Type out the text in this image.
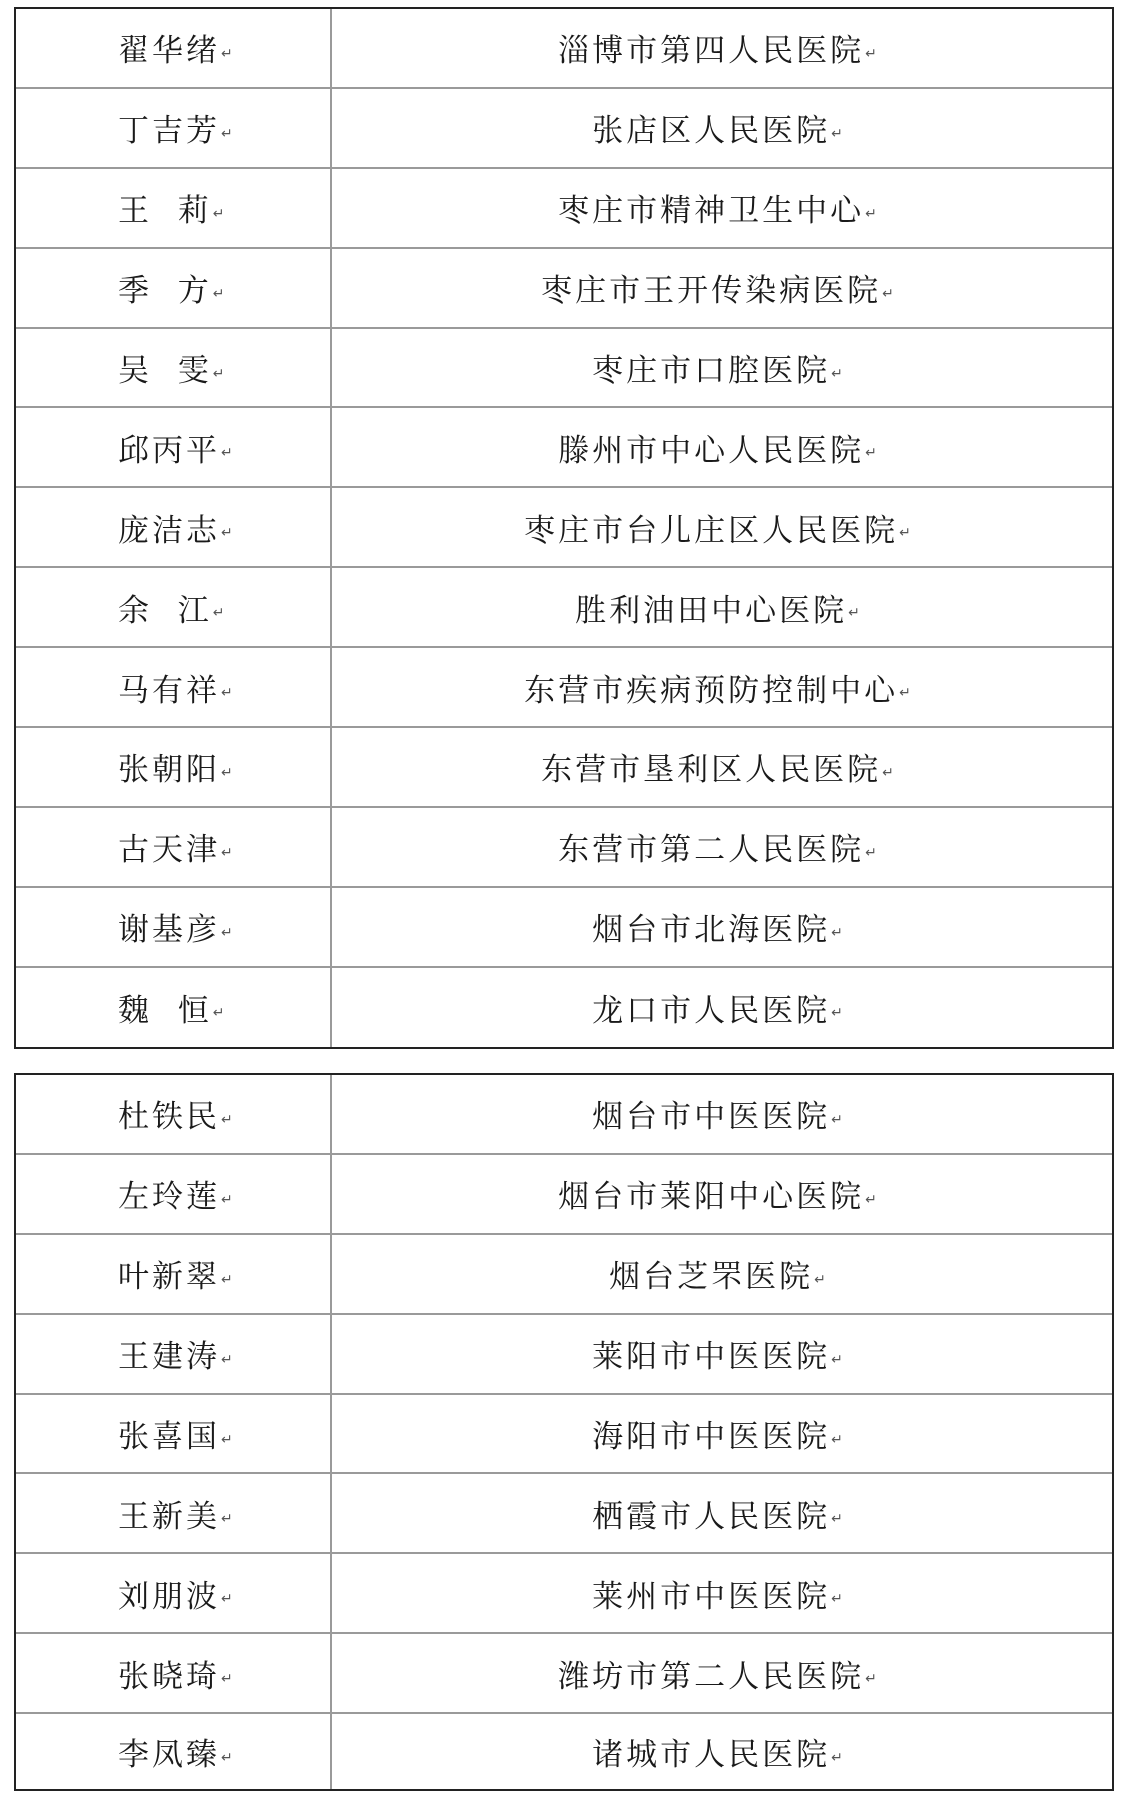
翟华绪 ↵	淄博市第四人民医院 ↵
丁吉芳 ↵	张店区人民医院 ↵
王  莉 ↵	枣庄市精神卫生中心 ↵
季  方 ↵	枣庄市王开传染病医院 ↵
吴  雯 ↵	枣庄市口腔医院 ↵
邱丙平 ↵	滕州市中心人民医院 ↵
庞洁志 ↵	枣庄市台儿庄区人民医院 ↵
余  江 ↵	胜利油田中心医院 ↵
马有祥 ↵	东营市疾病预防控制中心 ↵
张朝阳 ↵	东营市垦利区人民医院 ↵
古天津 ↵	东营市第二人民医院 ↵
谢基彦 ↵	烟台市北海医院 ↵
魏  恒 ↵	龙口市人民医院 ↵
杜铁民 ↵	烟台市中医医院 ↵
左玲莲 ↵	烟台市莱阳中心医院 ↵
叶新翠 ↵	烟台芝罘医院 ↵
王建涛 ↵	莱阳市中医医院 ↵
张喜国 ↵	海阳市中医医院 ↵
王新美 ↵	栖霞市人民医院 ↵
刘朋波 ↵	莱州市中医医院 ↵
张晓琦 ↵	潍坊市第二人民医院 ↵
李凤臻 ↵	诸城市人民医院 ↵
